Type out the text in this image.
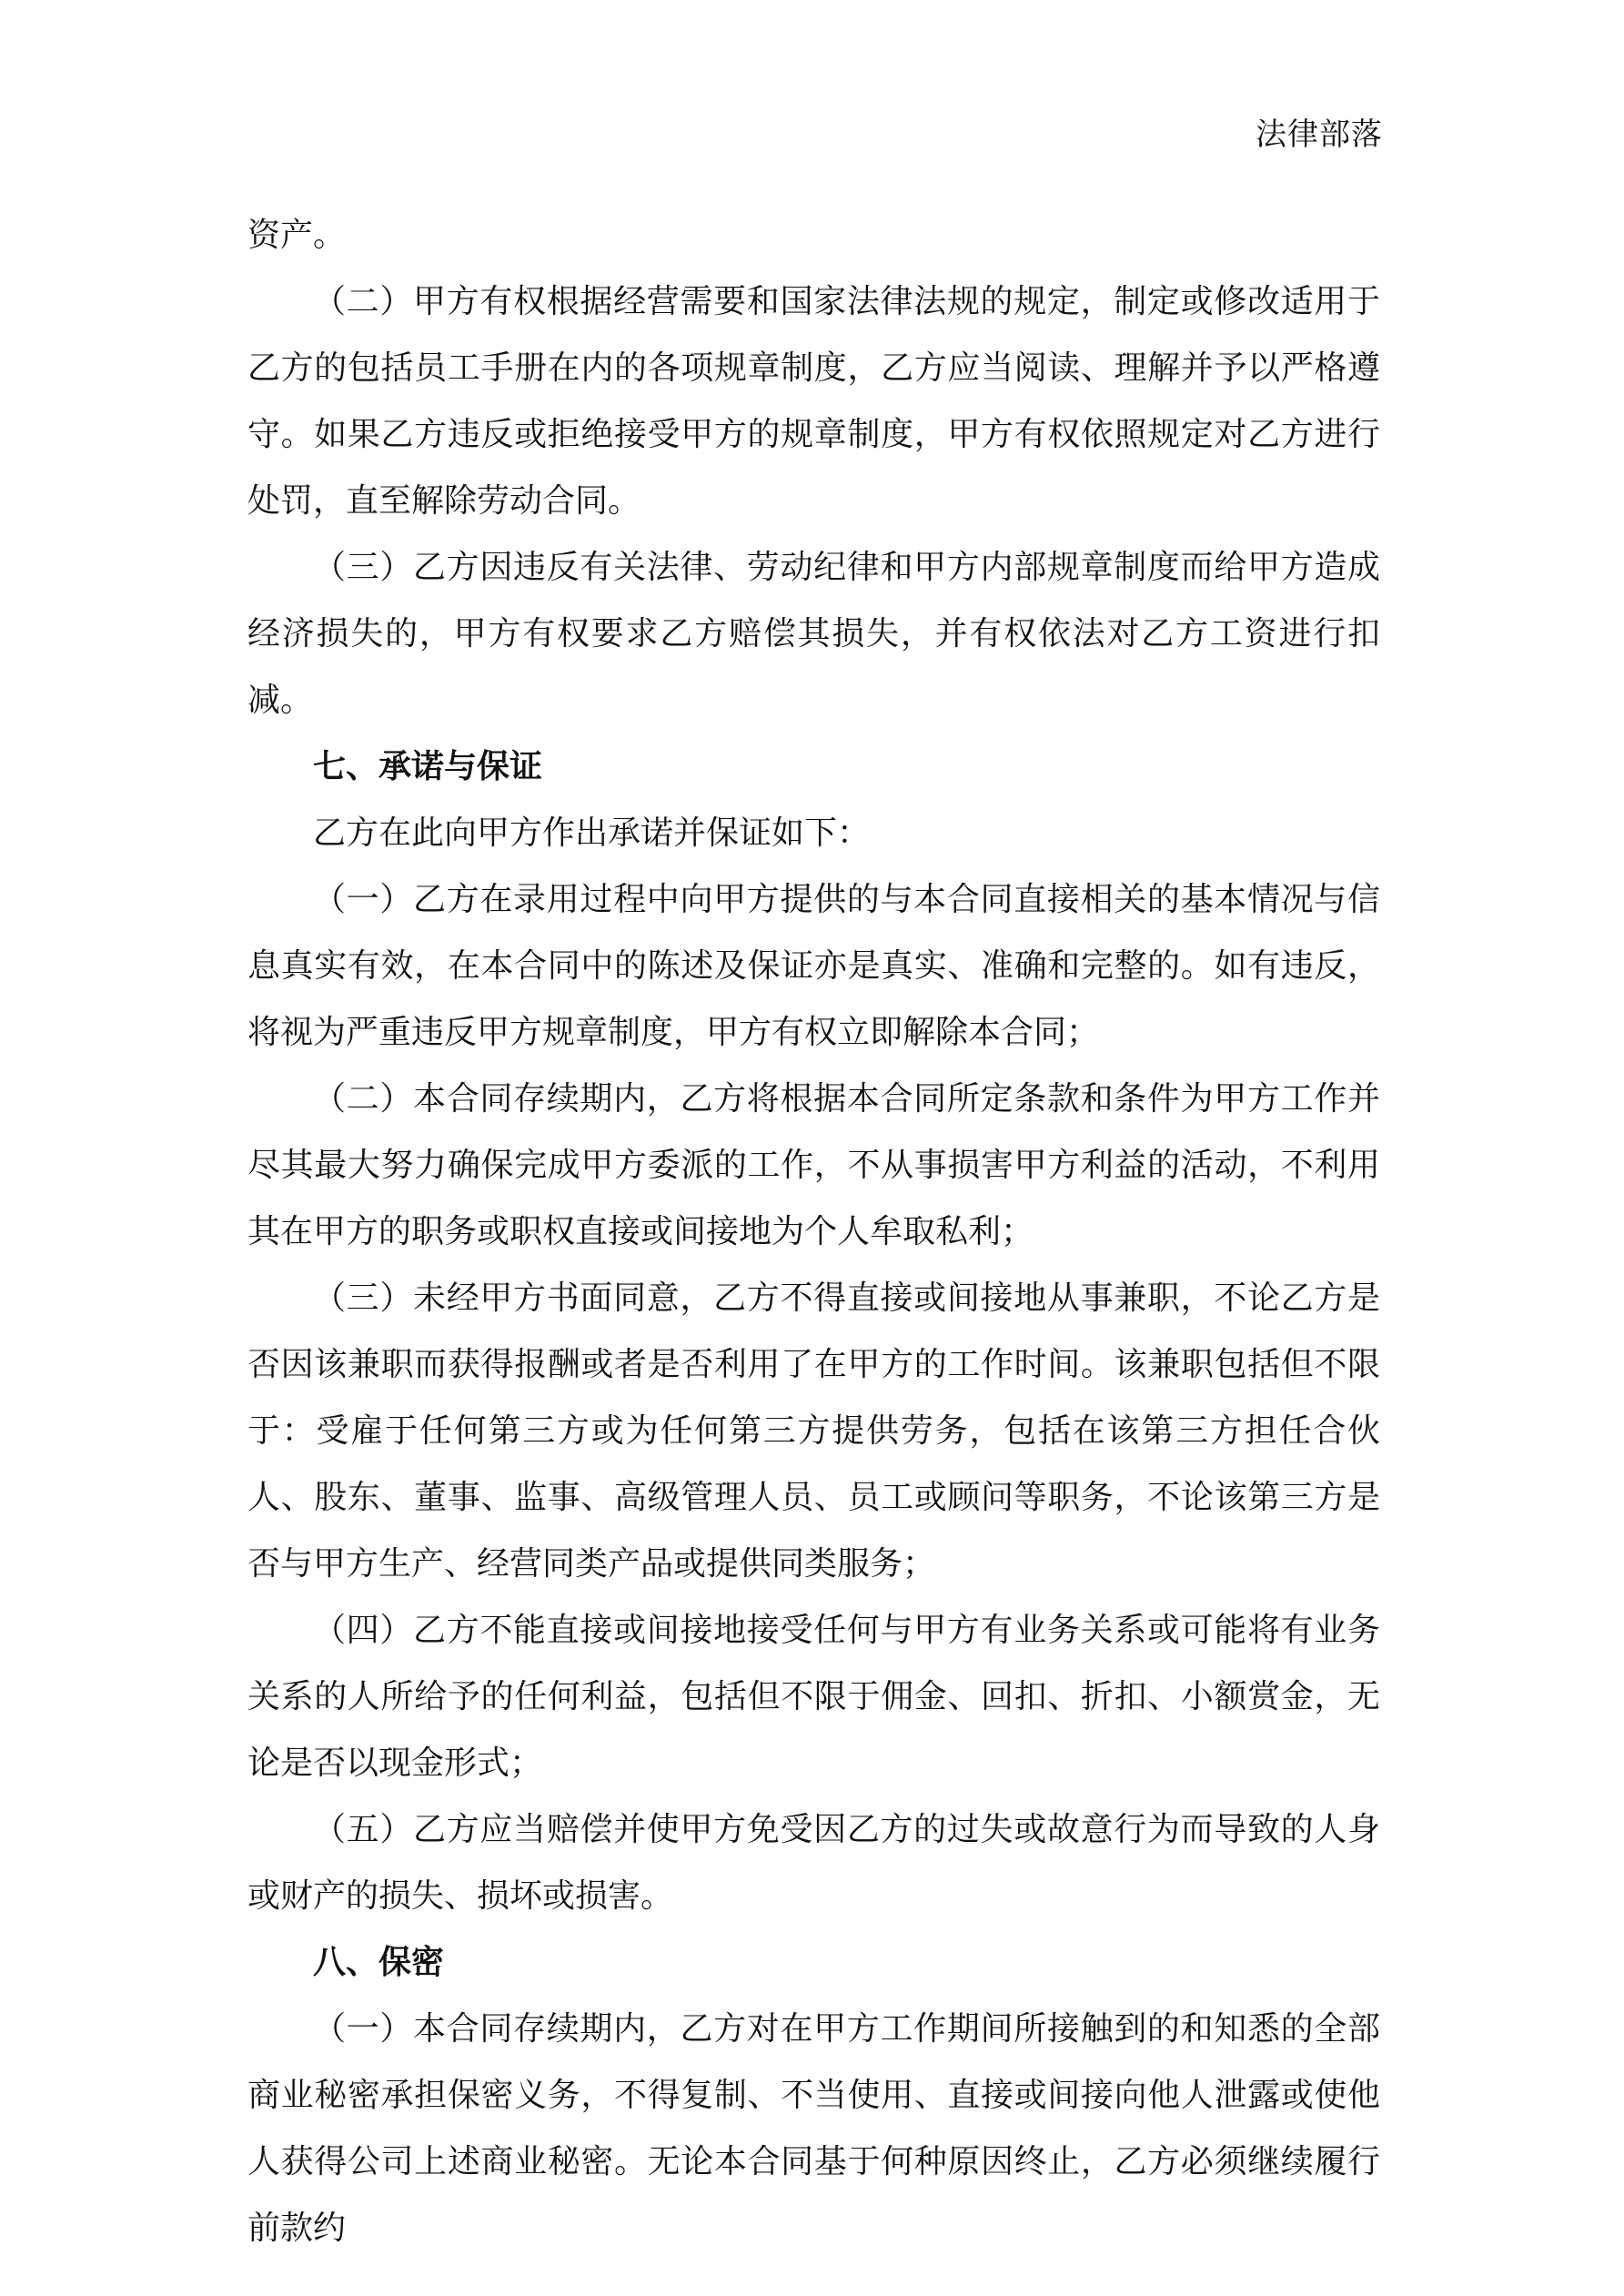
法律部落

资产。

（二）甲方有权根据经营需要和国家法律法规的规定，制定或修改适用于乙方的包括员工手册在内的各项规章制度，乙方应当阅读、理解并予以严格遵守。如果乙方违反或拒绝接受甲方的规章制度，甲方有权依照规定对乙方进行处罚，直至解除劳动合同。

（三）乙方因违反有关法律、劳动纪律和甲方内部规章制度而给甲方造成经济损失的，甲方有权要求乙方赔偿其损失，并有权依法对乙方工资进行扣减。

七、承诺与保证

乙方在此向甲方作出承诺并保证如下：

（一）乙方在录用过程中向甲方提供的与本合同直接相关的基本情况与信息真实有效，在本合同中的陈述及保证亦是真实、准确和完整的。如有违反，将视为严重违反甲方规章制度，甲方有权立即解除本合同；

（二）本合同存续期内，乙方将根据本合同所定条款和条件为甲方工作并尽其最大努力确保完成甲方委派的工作，不从事损害甲方利益的活动，不利用其在甲方的职务或职权直接或间接地为个人牟取私利；

（三）未经甲方书面同意，乙方不得直接或间接地从事兼职，不论乙方是否因该兼职而获得报酬或者是否利用了在甲方的工作时间。该兼职包括但不限于：受雇于任何第三方或为任何第三方提供劳务，包括在该第三方担任合伙人、股东、董事、监事、高级管理人员、员工或顾问等职务，不论该第三方是否与甲方生产、经营同类产品或提供同类服务；

（四）乙方不能直接或间接地接受任何与甲方有业务关系或可能将有业务关系的人所给予的任何利益，包括但不限于佣金、回扣、折扣、小额赏金，无论是否以现金形式；

（五）乙方应当赔偿并使甲方免受因乙方的过失或故意行为而导致的人身或财产的损失、损坏或损害。

八、保密

（一）本合同存续期内，乙方对在甲方工作期间所接触到的和知悉的全部商业秘密承担保密义务，不得复制、不当使用、直接或间接向他人泄露或使他人获得公司上述商业秘密。无论本合同基于何种原因终止，乙方必须继续履行前款约
